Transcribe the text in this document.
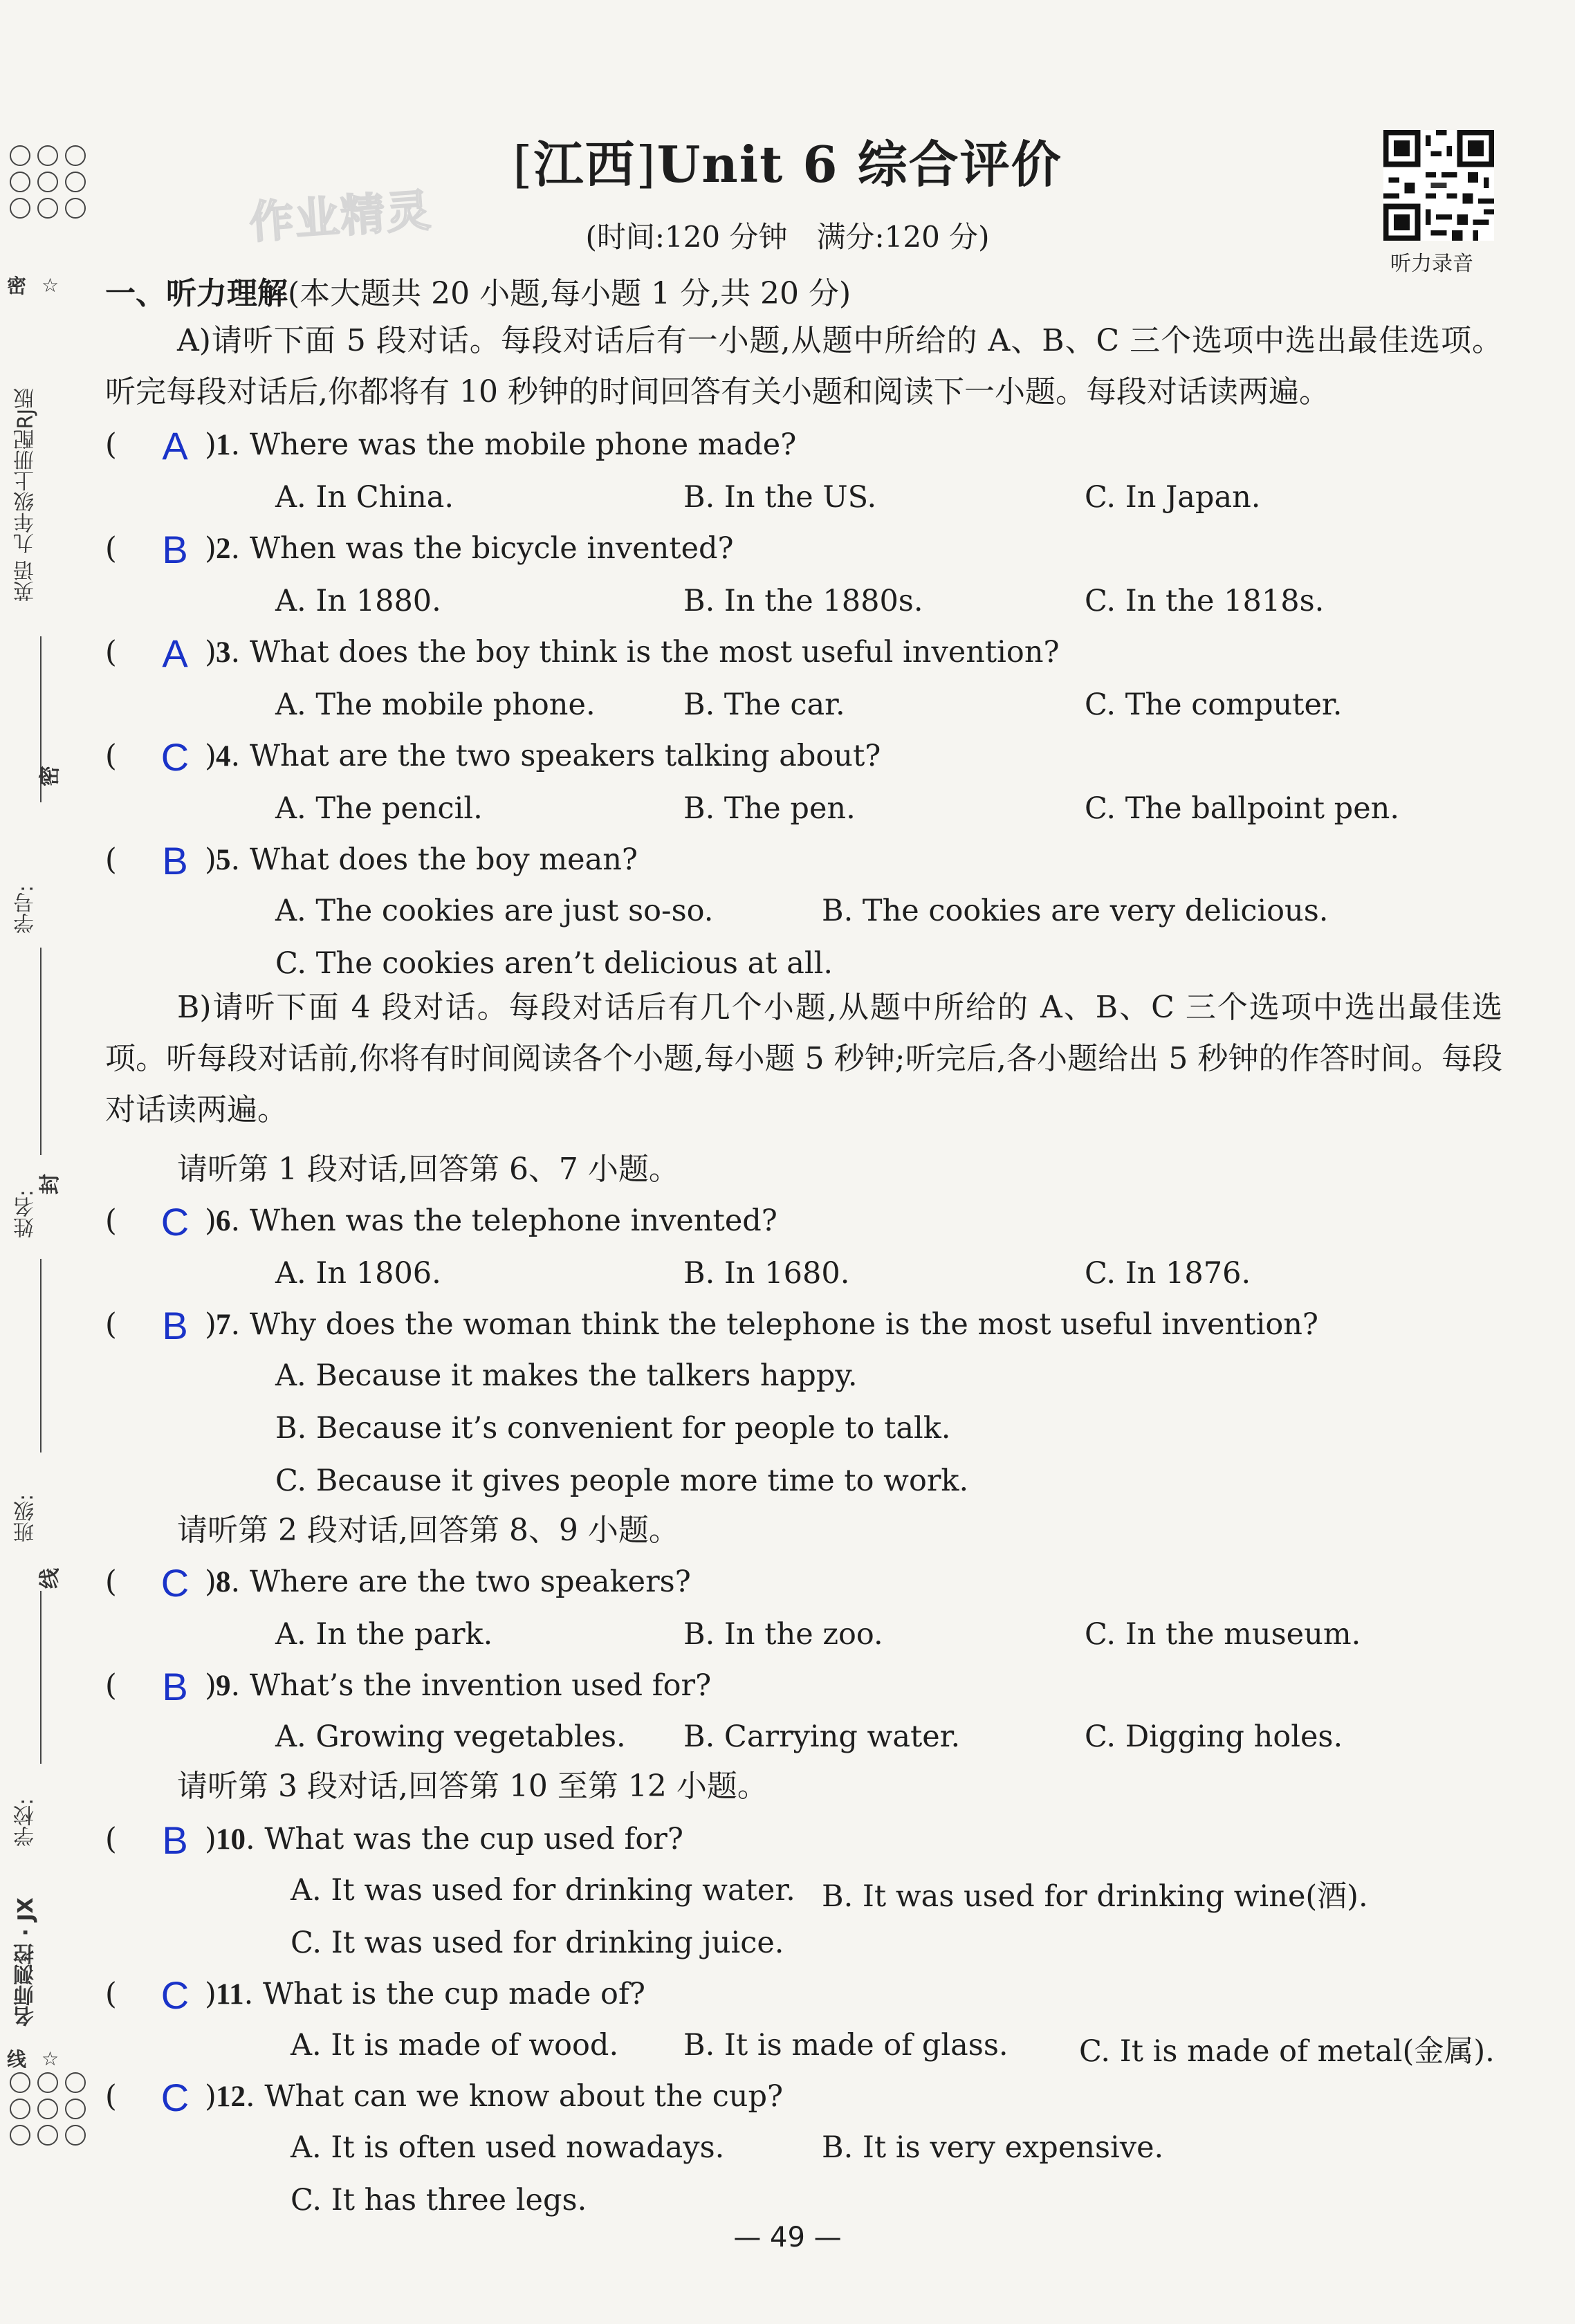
☆
密
英语 九年级上册配RJ版
密
学号:
姓名:
封
班级:
线
学校:
名师测控 · JX
线 ☆
作业精灵
[江西]Unit 6 综合评价
(时间:120 分钟　满分:120 分)
听力录音
一、听力理解(本大题共 20 小题,每小题 1 分,共 20 分)
A)请听下面 5 段对话。每段对话后有一小题,从题中所给的 A、B、C 三个选项中选出最佳选项。听完每段对话后,你都将有 10 秒钟的时间回答有关小题和阅读下一小题。每段对话读两遍。
( A ) 1. Where was the mobile phone made?
A. In China.	B. In the US.	C. In Japan.
( B ) 2. When was the bicycle invented?
A. In 1880.	B. In the 1880s.	C. In the 1818s.
( A ) 3. What does the boy think is the most useful invention?
A. The mobile phone.	B. The car.	C. The computer.
( C ) 4. What are the two speakers talking about?
A. The pencil.	B. The pen.	C. The ballpoint pen.
( B ) 5. What does the boy mean?
A. The cookies are just so-so.	B. The cookies are very delicious.
C. The cookies aren’t delicious at all.
B)请听下面 4 段对话。每段对话后有几个小题,从题中所给的 A、B、C 三个选项中选出最佳选项。听每段对话前,你将有时间阅读各个小题,每小题 5 秒钟;听完后,各小题给出 5 秒钟的作答时间。每段对话读两遍。
请听第 1 段对话,回答第 6、7 小题。
( C ) 6. When was the telephone invented?
A. In 1806.	B. In 1680.	C. In 1876.
( B ) 7. Why does the woman think the telephone is the most useful invention?
A. Because it makes the talkers happy.
B. Because it’s convenient for people to talk.
C. Because it gives people more time to work.
请听第 2 段对话,回答第 8、9 小题。
( C ) 8. Where are the two speakers?
A. In the park.	B. In the zoo.	C. In the museum.
( B ) 9. What’s the invention used for?
A. Growing vegetables. B. Carrying water.	C. Digging holes.
请听第 3 段对话,回答第 10 至第 12 小题。
( B ) 10. What was the cup used for?
A. It was used for drinking water. B. It was used for drinking wine(酒).
C. It was used for drinking juice.
( C ) 11. What is the cup made of?
A. It is made of wood. B. It is made of glass. C. It is made of metal(金属).
( C ) 12. What can we know about the cup?
A. It is often used nowadays.	B. It is very expensive.
C. It has three legs.
— 49 —
